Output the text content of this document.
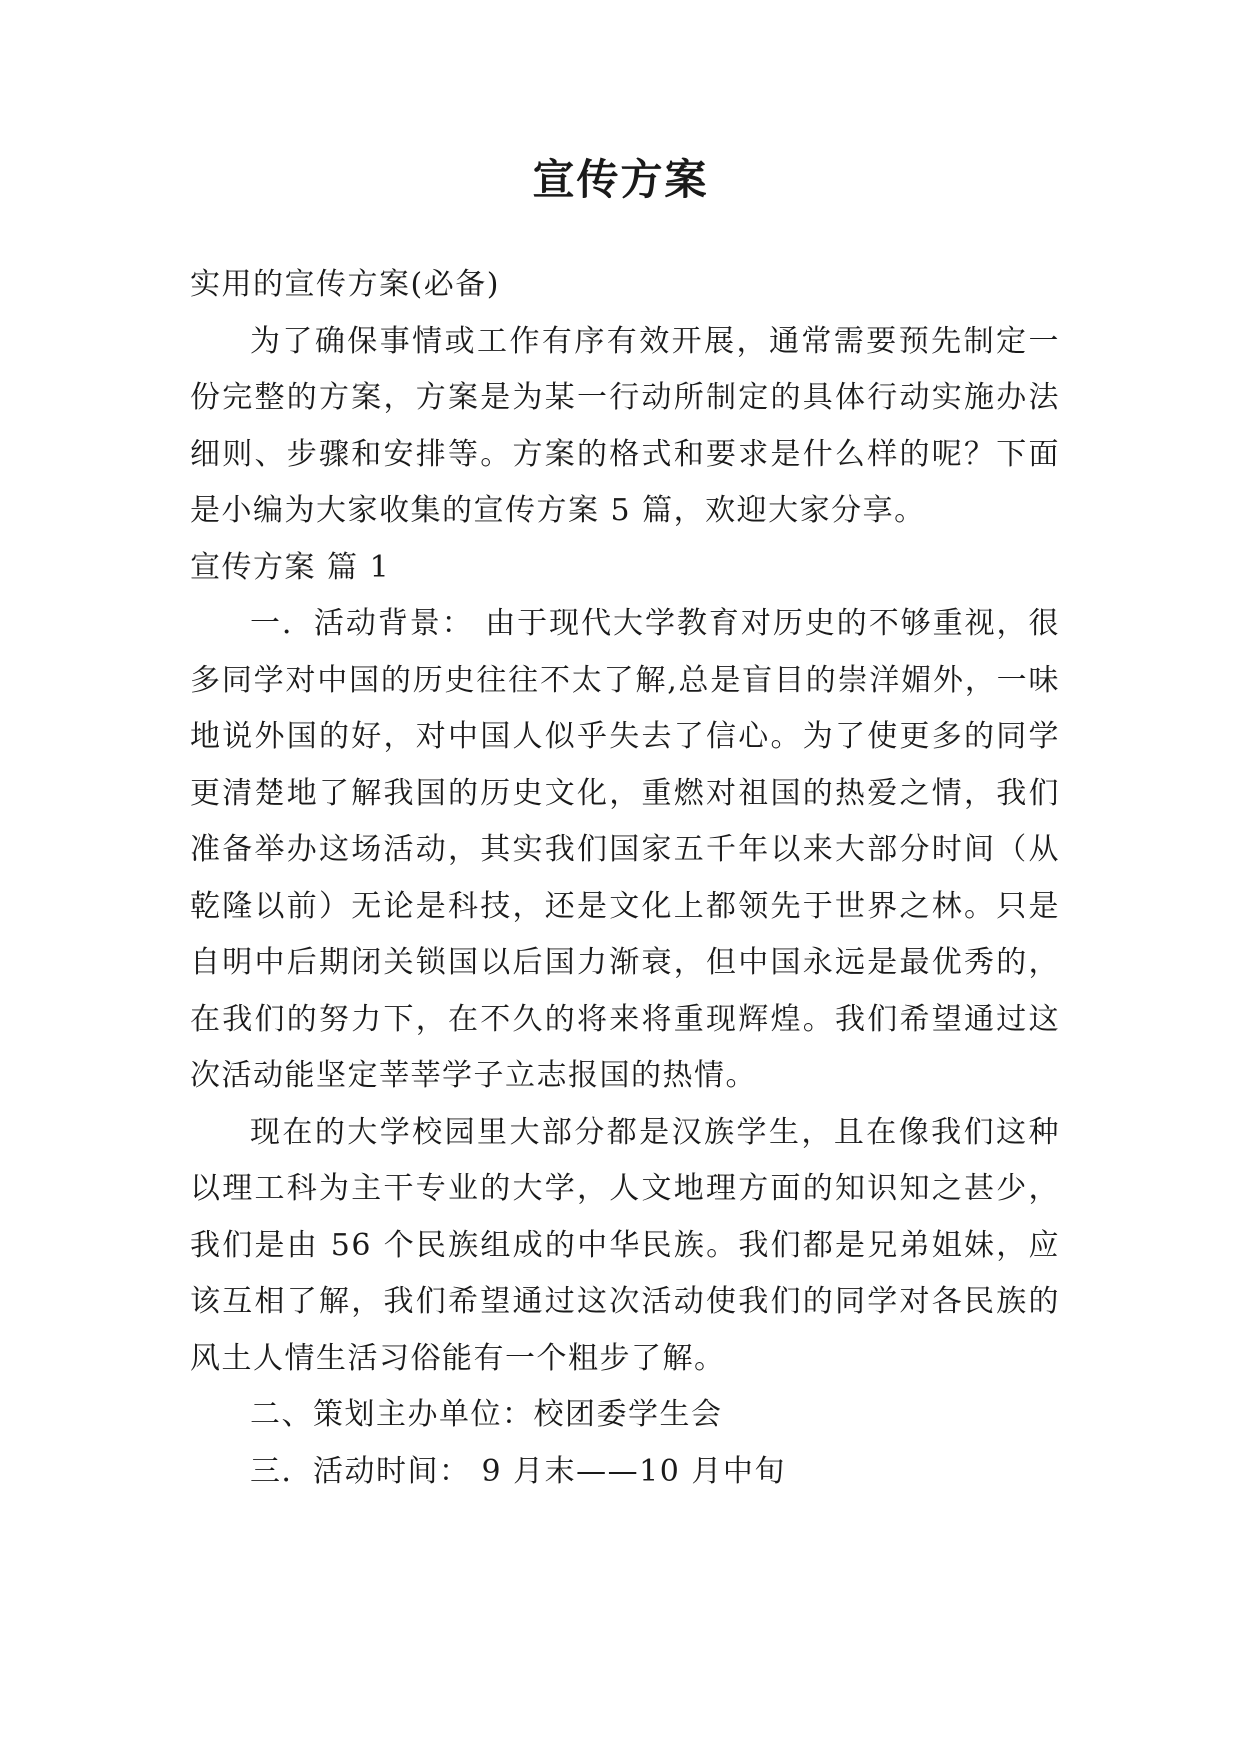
宣传方案

实用的宣传方案(必备)

为了确保事情或工作有序有效开展，通常需要预先制定一份完整的方案，方案是为某一行动所制定的具体行动实施办法细则、步骤和安排等。方案的格式和要求是什么样的呢？下面是小编为大家收集的宣传方案 5 篇，欢迎大家分享。

宣传方案 篇 1

一．活动背景： 由于现代大学教育对历史的不够重视，很多同学对中国的历史往往不太了解,总是盲目的崇洋媚外，一味地说外国的好，对中国人似乎失去了信心。为了使更多的同学更清楚地了解我国的历史文化，重燃对祖国的热爱之情，我们准备举办这场活动，其实我们国家五千年以来大部分时间（从乾隆以前）无论是科技，还是文化上都领先于世界之林。只是自明中后期闭关锁国以后国力渐衰，但中国永远是最优秀的，在我们的努力下，在不久的将来将重现辉煌。我们希望通过这次活动能坚定莘莘学子立志报国的热情。

现在的大学校园里大部分都是汉族学生，且在像我们这种以理工科为主干专业的大学，人文地理方面的知识知之甚少，我们是由 56 个民族组成的中华民族。我们都是兄弟姐妹，应该互相了解，我们希望通过这次活动使我们的同学对各民族的风土人情生活习俗能有一个粗步了解。

二、策划主办单位：校团委学生会

三．活动时间： 9 月末——10 月中旬
